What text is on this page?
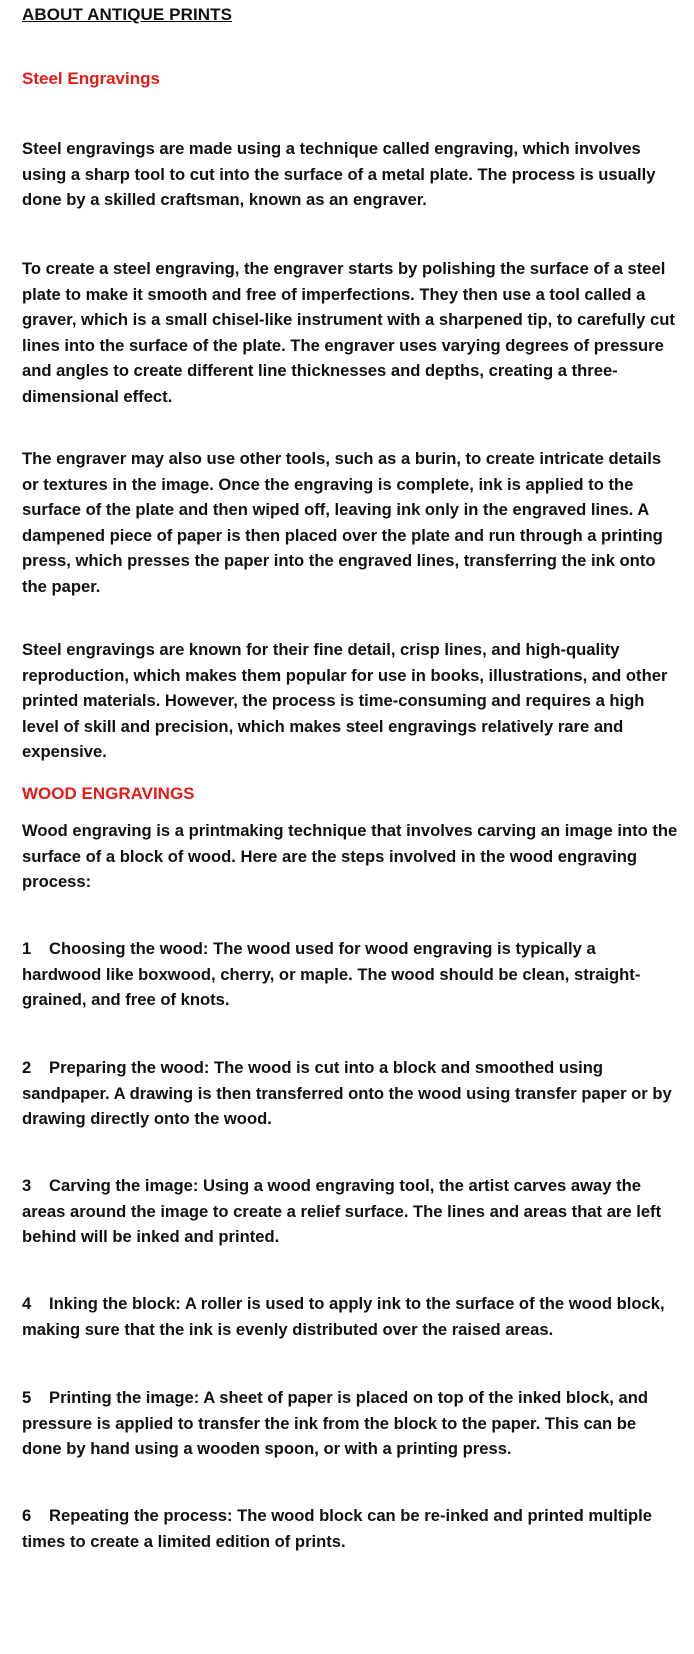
ABOUT ANTIQUE PRINTS
Steel Engravings

Steel engravings are made using a technique called engraving, which involves using a sharp tool to cut into the surface of a metal plate. The process is usually done by a skilled craftsman, known as an engraver.

To create a steel engraving, the engraver starts by polishing the surface of a steel plate to make it smooth and free of imperfections. They then use a tool called a graver, which is a small chisel-like instrument with a sharpened tip, to carefully cut lines into the surface of the plate. The engraver uses varying degrees of pressure and angles to create different line thicknesses and depths, creating a three-dimensional effect.

The engraver may also use other tools, such as a burin, to create intricate details or textures in the image. Once the engraving is complete, ink is applied to the surface of the plate and then wiped off, leaving ink only in the engraved lines. A dampened piece of paper is then placed over the plate and run through a printing press, which presses the paper into the engraved lines, transferring the ink onto the paper.

Steel engravings are known for their fine detail, crisp lines, and high-quality reproduction, which makes them popular for use in books, illustrations, and other printed materials. However, the process is time-consuming and requires a high level of skill and precision, which makes steel engravings relatively rare and expensive.

WOOD ENGRAVINGS

Wood engraving is a printmaking technique that involves carving an image into the surface of a block of wood. Here are the steps involved in the wood engraving process:

1 Choosing the wood: The wood used for wood engraving is typically a hardwood like boxwood, cherry, or maple. The wood should be clean, straight-grained, and free of knots.

2 Preparing the wood: The wood is cut into a block and smoothed using sandpaper. A drawing is then transferred onto the wood using transfer paper or by drawing directly onto the wood.

3 Carving the image: Using a wood engraving tool, the artist carves away the areas around the image to create a relief surface. The lines and areas that are left behind will be inked and printed.

4 Inking the block: A roller is used to apply ink to the surface of the wood block, making sure that the ink is evenly distributed over the raised areas.

5 Printing the image: A sheet of paper is placed on top of the inked block, and pressure is applied to transfer the ink from the block to the paper. This can be done by hand using a wooden spoon, or with a printing press.

6 Repeating the process: The wood block can be re-inked and printed multiple times to create a limited edition of prints.
